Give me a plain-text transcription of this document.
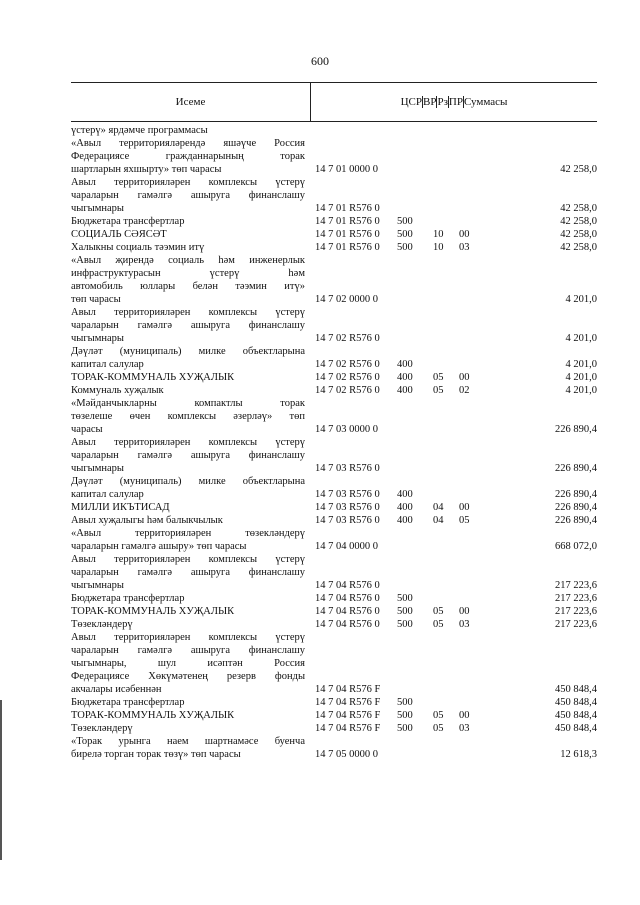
600
Исеме	ЦСР ВР Рз ПР Суммасы
үстерү» ярдәмче программасы
«Авыл территорияләрендә яшәүче Россия
Федерациясе гражданнарының торак
шартларын яхшырту» төп чарасы	14 7 01 0000 0	42 258,0
Авыл территорияләрен комплексы үстерү
чараларын гамәлгә ашыруга финанслашу
чыгымнары	14 7 01 R576 0	42 258,0
Бюджетара трансфертлар	14 7 01 R576 0	500	42 258,0
СОЦИАЛЬ СӘЯСӘТ	14 7 01 R576 0	500	10	00	42 258,0
Халыкны социаль тәэмин итү	14 7 01 R576 0	500	10	03	42 258,0
«Авыл җирендә социаль һәм инженерлык
инфраструктурасын үстерү һәм
автомобиль юллары белән тәэмин итү»
төп чарасы	14 7 02 0000 0	4 201,0
Авыл территорияләрен комплексы үстерү
чараларын гамәлгә ашыруга финанслашу
чыгымнары	14 7 02 R576 0	4 201,0
Дәүләт (муниципаль) милке объектларына
капитал салулар	14 7 02 R576 0	400	4 201,0
ТОРАК-КОММУНАЛЬ ХУҖАЛЫК	14 7 02 R576 0	400	05	00	4 201,0
Коммуналь хуҗалык	14 7 02 R576 0	400	05	02	4 201,0
«Мәйданчыкларны компактлы торак
төзелеше өчен комплексы әзерләү» төп
чарасы	14 7 03 0000 0	226 890,4
Авыл территорияләрен комплексы үстерү
чараларын гамәлгә ашыруга финанслашу
чыгымнары	14 7 03 R576 0	226 890,4
Дәүләт (муниципаль) милке объектларына
капитал салулар	14 7 03 R576 0	400	226 890,4
МИЛЛИ ИКЪТИСАД	14 7 03 R576 0	400	04	00	226 890,4
Авыл хуҗалыгы һәм балыкчылык	14 7 03 R576 0	400	04	05	226 890,4
«Авыл территорияләрен төзекләндерү
чараларын гамәлгә ашыру» төп чарасы	14 7 04 0000 0	668 072,0
Авыл территорияләрен комплексы үстерү
чараларын гамәлгә ашыруга финанслашу
чыгымнары	14 7 04 R576 0	217 223,6
Бюджетара трансфертлар	14 7 04 R576 0	500	217 223,6
ТОРАК-КОММУНАЛЬ ХУҖАЛЫК	14 7 04 R576 0	500	05	00	217 223,6
Төзекләндерү	14 7 04 R576 0	500	05	03	217 223,6
Авыл территорияләрен комплексы үстерү
чараларын гамәлгә ашыруга финанслашу
чыгымнары, шул исәптән Россия
Федерациясе Хөкүмәтенең резерв фонды
акчалары исәбеннән	14 7 04 R576 F	450 848,4
Бюджетара трансфертлар	14 7 04 R576 F	500	450 848,4
ТОРАК-КОММУНАЛЬ ХУҖАЛЫК	14 7 04 R576 F	500	05	00	450 848,4
Төзекләндерү	14 7 04 R576 F	500	05	03	450 848,4
«Торак урынга наем шартнамәсе буенча
бирелә торган торак төзү» төп чарасы	14 7 05 0000 0	12 618,3
